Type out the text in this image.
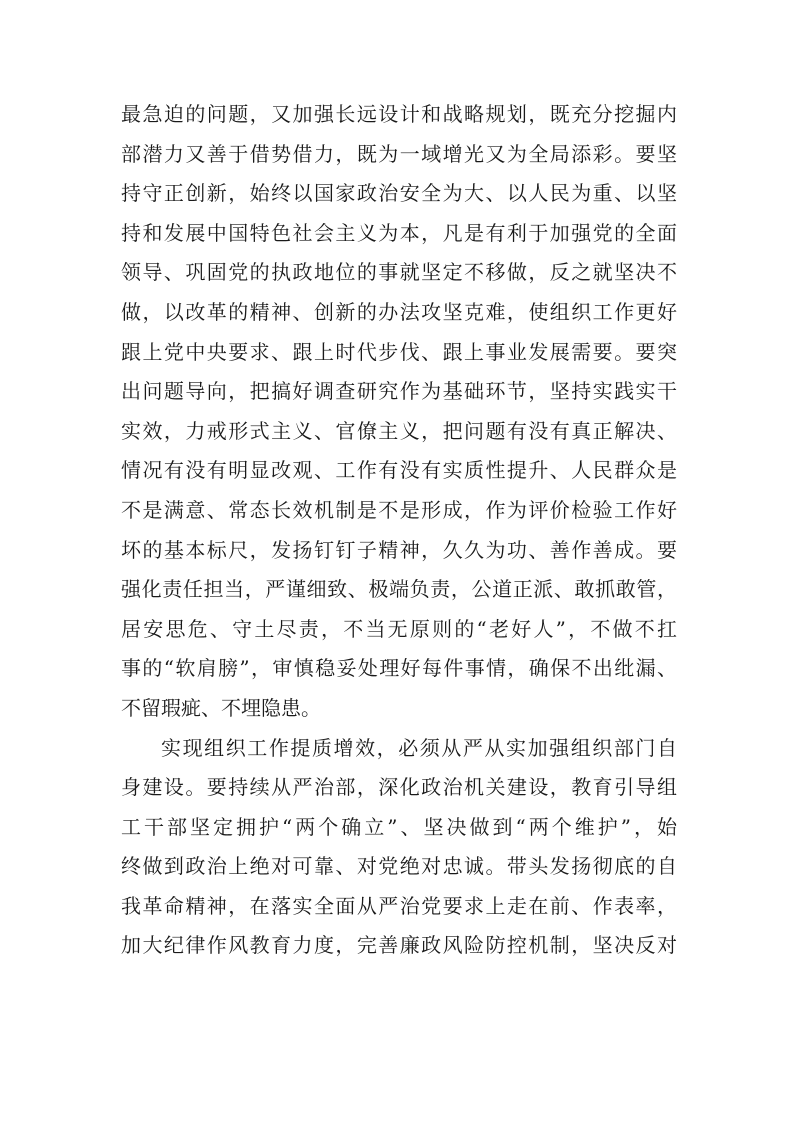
最急迫的问题，又加强长远设计和战略规划，既充分挖掘内
部潜力又善于借势借力，既为一域增光又为全局添彩。要坚
持守正创新，始终以国家政治安全为大、以人民为重、以坚
持和发展中国特色社会主义为本，凡是有利于加强党的全面
领导、巩固党的执政地位的事就坚定不移做，反之就坚决不
做，以改革的精神、创新的办法攻坚克难，使组织工作更好
跟上党中央要求、跟上时代步伐、跟上事业发展需要。要突
出问题导向，把搞好调查研究作为基础环节，坚持实践实干
实效，力戒形式主义、官僚主义，把问题有没有真正解决、
情况有没有明显改观、工作有没有实质性提升、人民群众是
不是满意、常态长效机制是不是形成，作为评价检验工作好
坏的基本标尺，发扬钉钉子精神，久久为功、善作善成。要
强化责任担当，严谨细致、极端负责，公道正派、敢抓敢管，
居安思危、守土尽责，不当无原则的“老好人”，不做不扛
事的“软肩膀”，审慎稳妥处理好每件事情，确保不出纰漏、
不留瑕疵、不埋隐患。
实现组织工作提质增效，必须从严从实加强组织部门自
身建设。要持续从严治部，深化政治机关建设，教育引导组
工干部坚定拥护“两个确立”、坚决做到“两个维护”，始
终做到政治上绝对可靠、对党绝对忠诚。带头发扬彻底的自
我革命精神，在落实全面从严治党要求上走在前、作表率，
加大纪律作风教育力度，完善廉政风险防控机制，坚决反对
